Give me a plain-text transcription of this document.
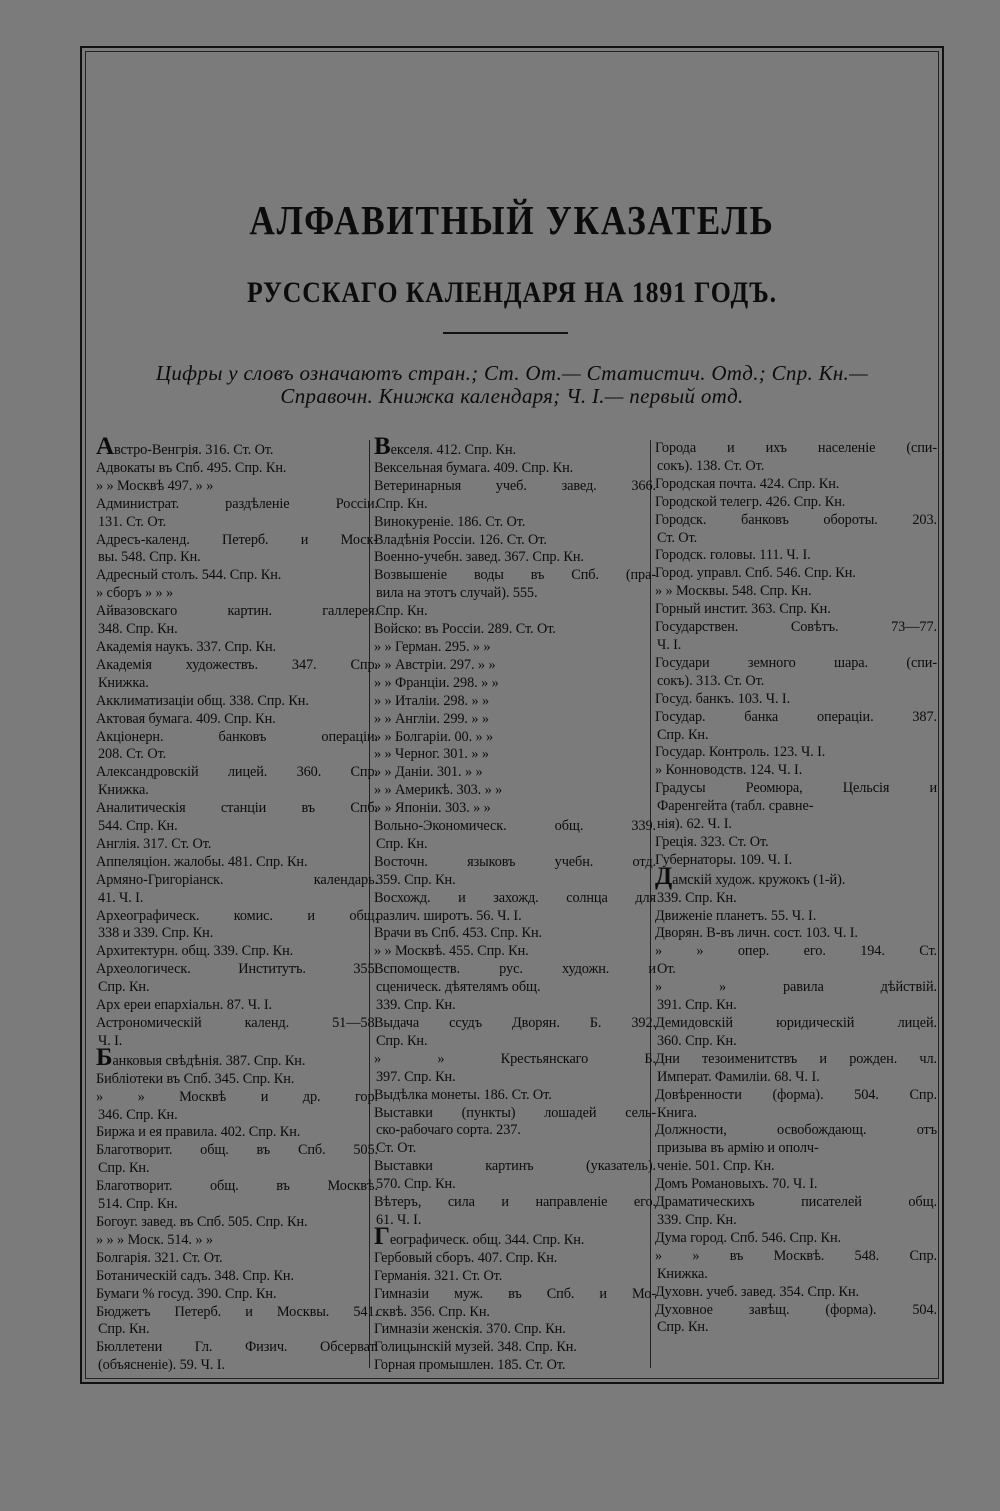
АЛФАВИТНЫЙ УКАЗАТЕЛЬ
РУССКАГО КАЛЕНДАРЯ НА 1891 ГОДЪ.
Цифры у словъ означаютъ стран.; Ст. От.— Статистич. Отд.; Спр. Кн.—
Справочн. Книжка календаря; Ч. I.— первый отд.
Австро-Венгрія. 316. Ст. От.
Адвокаты въ Спб. 495. Спр. Кн.
» » Москвѣ 497. » »
Администрат. раздѣленіе Россіи.
131. Ст. От.
Адресъ-календ. Петерб. и Моск-
вы. 548. Спр. Кн.
Адресный столъ. 544. Спр. Кн.
» сборъ » » »
Айвазовскаго картин. галлерея.
348. Спр. Кн.
Академія наукъ. 337. Спр. Кн.
Академія художествъ. 347. Спр.
Книжка.
Акклиматизаціи общ. 338. Спр. Кн.
Актовая бумага. 409. Спр. Кн.
Акціонерн. банковъ операціи.
208. Ст. От.
Александровскій лицей. 360. Спр.
Книжка.
Аналитическія станціи въ Спб.
544. Спр. Кн.
Англія. 317. Ст. От.
Аппеляціон. жалобы. 481. Спр. Кн.
Армяно-Григоріанск. календарь.
41. Ч. I.
Археографическ. комис. и общ.
338 и 339. Спр. Кн.
Архитектурн. общ. 339. Спр. Кн.
Археологическ. Институтъ. 355.
Спр. Кн.
Арх ереи епархіальн. 87. Ч. I.
Астрономическій календ. 51—58.
Ч. I.
Банковыя свѣдѣнія. 387. Спр. Кн.
Библіотеки въ Спб. 345. Спр. Кн.
» » Москвѣ и др. гор.
346. Спр. Кн.
Биржа и ея правила. 402. Спр. Кн.
Благотворит. общ. въ Спб. 505.
Спр. Кн.
Благотворит. общ. въ Москвѣ.
514. Спр. Кн.
Богоуг. завед. въ Спб. 505. Спр. Кн.
» » » Моск. 514. » »
Болгарія. 321. Ст. От.
Ботаническій садъ. 348. Спр. Кн.
Бумаги % госуд. 390. Спр. Кн.
Бюджетъ Петерб. и Москвы. 541.
Спр. Кн.
Бюллетени Гл. Физич. Обсерват.
(объясненіе). 59. Ч. I.
Векселя. 412. Спр. Кн.
Вексельная бумага. 409. Спр. Кн.
Ветеринарныя учеб. завед. 366.
Спр. Кн.
Винокуреніе. 186. Ст. От.
Владѣнія Россіи. 126. Ст. От.
Военно-учебн. завед. 367. Спр. Кн.
Возвышеніе воды въ Спб. (пра-
вила на этотъ случай). 555.
Спр. Кн.
Войско: въ Россіи. 289. Ст. От.
» » Герман. 295. » »
» » Австріи. 297. » »
» » Франціи. 298. » »
» » Италіи. 298. » »
» » Англіи. 299. » »
» » Болгаріи. 00. » »
» » Черног. 301. » »
» » Даніи. 301. » »
» » Америкѣ. 303. » »
» » Японіи. 303. » »
Вольно-Экономическ. общ. 339.
Спр. Кн.
Восточн. языковъ учебн. отд.
359. Спр. Кн.
Восхожд. и захожд. солнца для
различ. широтъ. 56. Ч. I.
Врачи въ Спб. 453. Спр. Кн.
» » Москвѣ. 455. Спр. Кн.
Вспомоществ. рус. художн. и
сценическ. дѣятелямъ общ.
339. Спр. Кн.
Выдача ссудъ Дворян. Б. 392.
Спр. Кн.
» » Крестьянскаго Б.
397. Спр. Кн.
Выдѣлка монеты. 186. Ст. От.
Выставки (пункты) лошадей сель-
ско-рабочаго сорта. 237.
Ст. От.
Выставки картинъ (указатель).
570. Спр. Кн.
Вѣтеръ, сила и направленіе его.
61. Ч. I.
Географическ. общ. 344. Спр. Кн.
Гербовый сборъ. 407. Спр. Кн.
Германія. 321. Ст. От.
Гимназіи муж. въ Спб. и Мо-
сквѣ. 356. Спр. Кн.
Гимназіи женскія. 370. Спр. Кн.
Голицынскій музей. 348. Спр. Кн.
Горная промышлен. 185. Ст. От.
Города и ихъ населеніе (спи-
сокъ). 138. Ст. От.
Городская почта. 424. Спр. Кн.
Городской телегр. 426. Спр. Кн.
Городск. банковъ обороты. 203.
Ст. От.
Городск. головы. 111. Ч. I.
Город. управл. Спб. 546. Спр. Кн.
» » Москвы. 548. Спр. Кн.
Горный инстит. 363. Спр. Кн.
Государствен. Совѣтъ. 73—77.
Ч. I.
Государи земного шара. (спи-
сокъ). 313. Ст. От.
Госуд. банкъ. 103. Ч. I.
Государ. банка операціи. 387.
Спр. Кн.
Государ. Контроль. 123. Ч. I.
» Конноводств. 124. Ч. I.
Градусы Реомюра, Цельсія и
Фаренгейта (табл. сравне-
нія). 62. Ч. I.
Греція. 323. Ст. От.
Губернаторы. 109. Ч. I.
Дамскій худож. кружокъ (1-й).
339. Спр. Кн.
Движеніе планетъ. 55. Ч. I.
Дворян. В-въ личн. сост. 103. Ч. I.
» » опер. его. 194. Ст.
От.
» » равила дѣйствій.
391. Спр. Кн.
Демидовскій юридическій лицей.
360. Спр. Кн.
Дни тезоименитствъ и рожден. чл.
Императ. Фамиліи. 68. Ч. I.
Довѣренности (форма). 504. Спр.
Книга.
Должности, освобождающ. отъ
призыва въ армію и ополч-
ченіе. 501. Спр. Кн.
Домъ Романовыхъ. 70. Ч. I.
Драматическихъ писателей общ.
339. Спр. Кн.
Дума город. Спб. 546. Спр. Кн.
» » въ Москвѣ. 548. Спр.
Книжка.
Духовн. учеб. завед. 354. Спр. Кн.
Духовное завѣщ. (форма). 504.
Спр. Кн.
